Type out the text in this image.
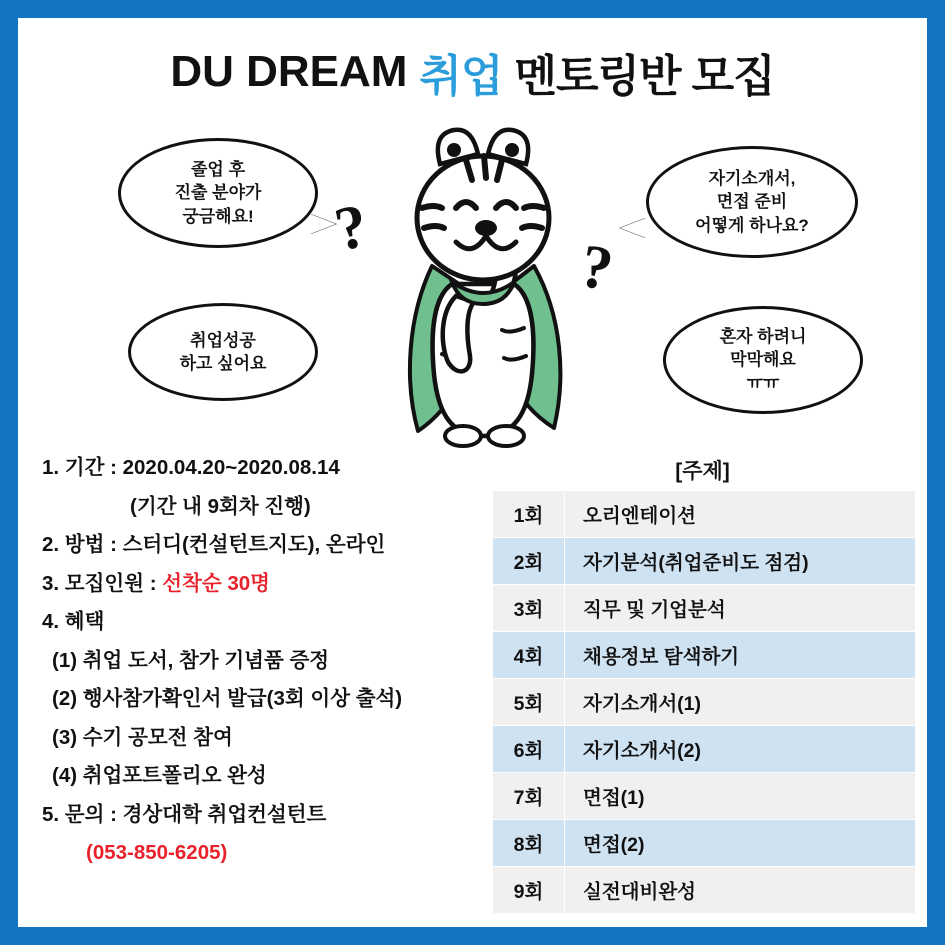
DU DREAM 취업 멘토링반 모집
졸업 후
진출 분야가
궁금해요!
취업성공
하고 싶어요
자기소개서,
면접 준비
어떻게 하나요?
혼자 하려니
막막해요
ㅠㅠ
?
?
1. 기간 : 2020.04.20~2020.08.14
(기간 내 9회차 진행)
2. 방법 : 스터디(컨설턴트지도), 온라인
3. 모집인원 : 선착순 30명
4. 혜택
(1) 취업 도서, 참가 기념품 증정
(2) 행사참가확인서 발급(3회 이상 출석)
(3) 수기 공모전 참여
(4) 취업포트폴리오 완성
5. 문의 : 경상대학 취업컨설턴트
(053-850-6205)
[주제]
1회	오리엔테이션
2회	자기분석(취업준비도 점검)
3회	직무 및 기업분석
4회	채용정보 탐색하기
5회	자기소개서(1)
6회	자기소개서(2)
7회	면접(1)
8회	면접(2)
9회	실전대비완성
